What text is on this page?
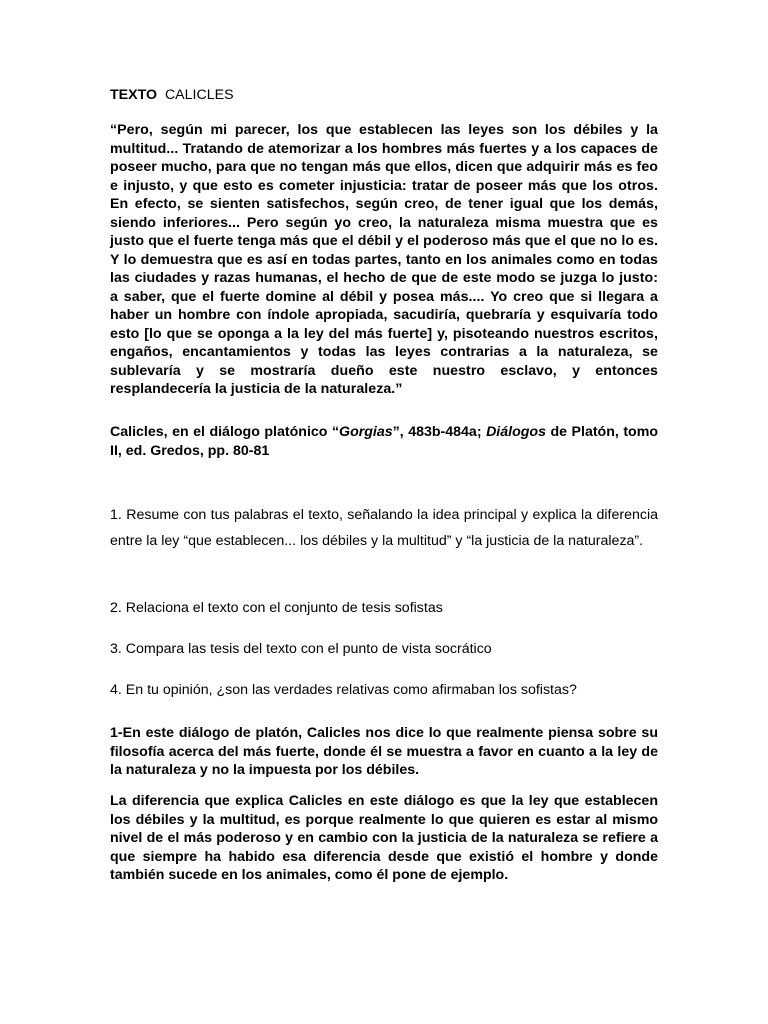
TEXTO CALICLES
“Pero, según mi parecer, los que establecen las leyes son los débiles y la multitud... Tratando de atemorizar a los hombres más fuertes y a los capaces de poseer mucho, para que no tengan más que ellos, dicen que adquirir más es feo e injusto, y que esto es cometer injusticia: tratar de poseer más que los otros. En efecto, se sienten satisfechos, según creo, de tener igual que los demás, siendo inferiores... Pero según yo creo, la naturaleza misma muestra que es justo que el fuerte tenga más que el débil y el poderoso más que el que no lo es. Y lo demuestra que es así en todas partes, tanto en los animales como en todas las ciudades y razas humanas, el hecho de que de este modo se juzga lo justo: a saber, que el fuerte domine al débil y posea más.... Yo creo que si llegara a haber un hombre con índole apropiada, sacudiría, quebraría y esquivaría todo esto [lo que se oponga a la ley del más fuerte] y, pisoteando nuestros escritos, engaños, encantamientos y todas las leyes contrarias a la naturaleza, se sublevaría y se mostraría dueño este nuestro esclavo, y entonces resplandecería la justicia de la naturaleza.”
Calicles, en el diálogo platónico “Gorgias”, 483b-484a; Diálogos de Platón, tomo II, ed. Gredos, pp. 80-81
1. Resume con tus palabras el texto, señalando la idea principal y explica la diferencia entre la ley “que establecen... los débiles y la multitud” y “la justicia de la naturaleza”.
2. Relaciona el texto con el conjunto de tesis sofistas
3. Compara las tesis del texto con el punto de vista socrático
4. En tu opinión, ¿son las verdades relativas como afirmaban los sofistas?
1-En este diálogo de platón, Calicles nos dice lo que realmente piensa sobre su filosofía acerca del más fuerte, donde él se muestra a favor en cuanto a la ley de la naturaleza y no la impuesta por los débiles.
La diferencia que explica Calicles en este diálogo es que la ley que establecen los débiles y la multitud, es porque realmente lo que quieren es estar al mismo nivel de el más poderoso y en cambio con la justicia de la naturaleza se refiere a que siempre ha habido esa diferencia desde que existió el hombre y donde también sucede en los animales, como él pone de ejemplo.
